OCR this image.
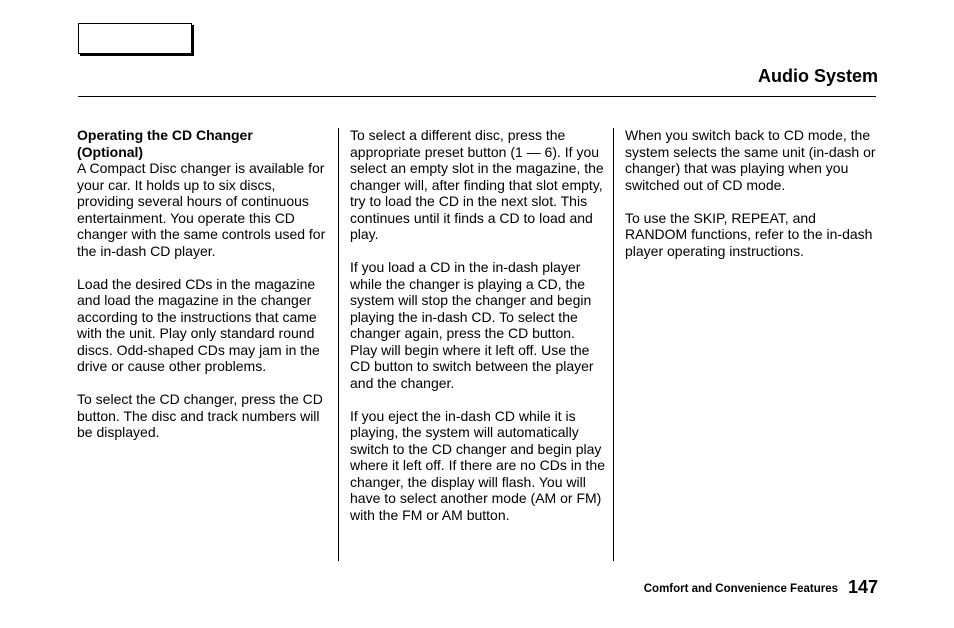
Audio System
Operating the CD Changer
(Optional)

A Compact Disc changer is available for your car. It holds up to six discs, providing several hours of continuous entertainment. You operate this CD changer with the same controls used for the in-dash CD player.

Load the desired CDs in the magazine and load the magazine in the changer according to the instructions that came with the unit. Play only standard round discs. Odd-shaped CDs may jam in the drive or cause other problems.

To select the CD changer, press the CD button. The disc and track numbers will be displayed.

To select a different disc, press the appropriate preset button (1 — 6). If you select an empty slot in the magazine, the changer will, after finding that slot empty, try to load the CD in the next slot. This continues until it finds a CD to load and play.

If you load a CD in the in-dash player while the changer is playing a CD, the system will stop the changer and begin playing the in-dash CD. To select the changer again, press the CD button. Play will begin where it left off. Use the CD button to switch between the player and the changer.

If you eject the in-dash CD while it is playing, the system will automatically switch to the CD changer and begin play where it left off. If there are no CDs in the changer, the display will flash. You will have to select another mode (AM or FM) with the FM or AM button.

When you switch back to CD mode, the system selects the same unit (in-dash or changer) that was playing when you switched out of CD mode.

To use the SKIP, REPEAT, and RANDOM functions, refer to the in-dash player operating instructions.

Comfort and Convenience Features 147
